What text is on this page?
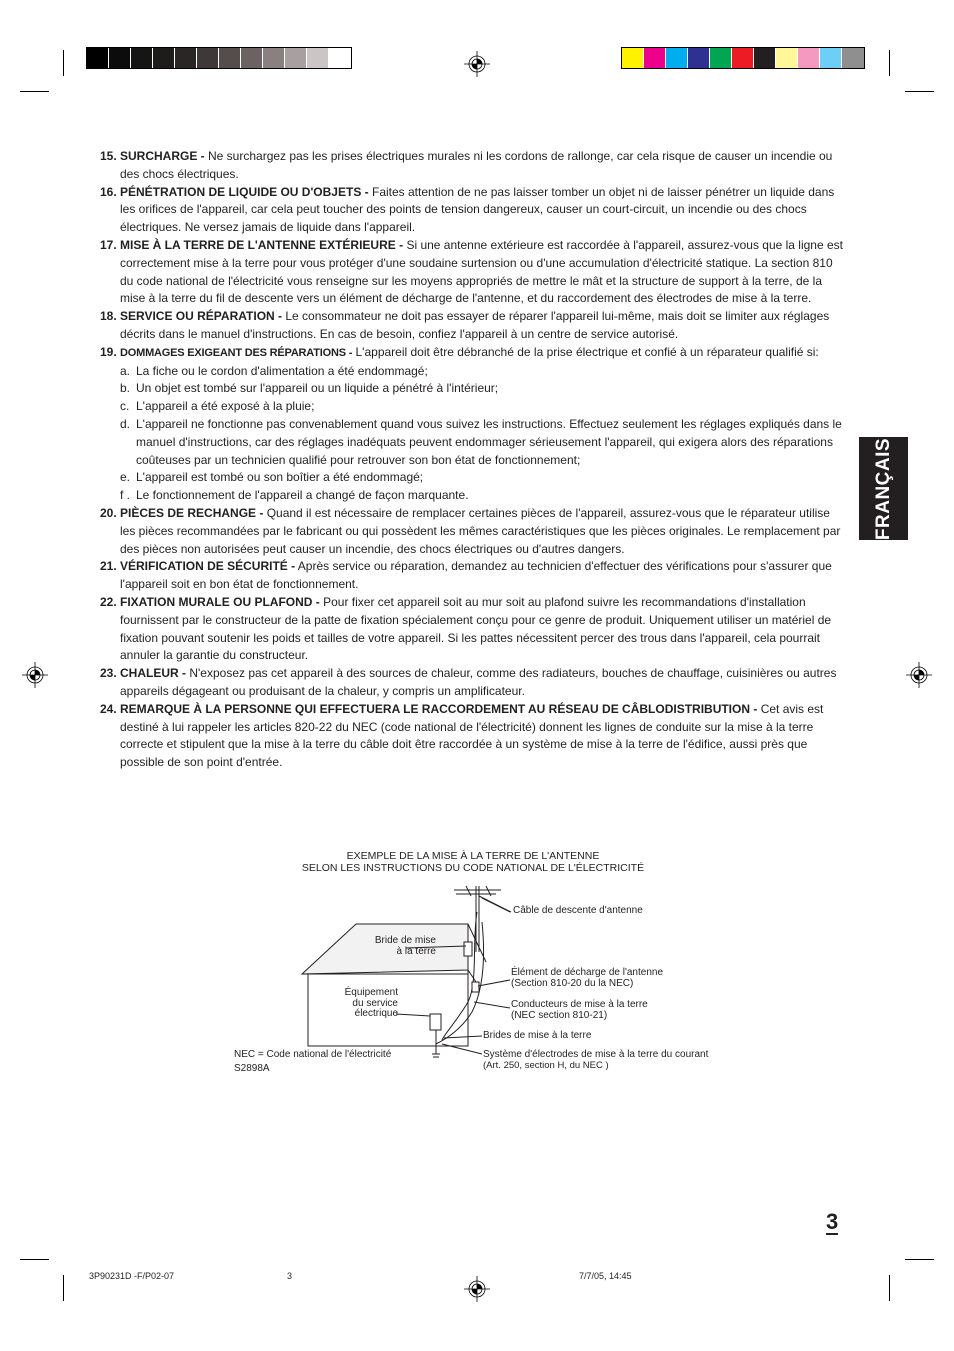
15. SURCHARGE - Ne surchargez pas les prises électriques murales ni les cordons de rallonge, car cela risque de causer un incendie ou des chocs électriques.
16. PÉNÉTRATION DE LIQUIDE OU D'OBJETS - Faites attention de ne pas laisser tomber un objet ni de laisser pénétrer un liquide dans les orifices de l'appareil, car cela peut toucher des points de tension dangereux, causer un court-circuit, un incendie ou des chocs électriques. Ne versez jamais de liquide dans l'appareil.
17. MISE À LA TERRE DE L'ANTENNE EXTÉRIEURE - Si une antenne extérieure est raccordée à l'appareil, assurez-vous que la ligne est correctement mise à la terre pour vous protéger d'une soudaine surtension ou d'une accumulation d'électricité statique. La section 810 du code national de l'électricité vous renseigne sur les moyens appropriés de mettre le mât et la structure de support à la terre, de la mise à la terre du fil de descente vers un élément de décharge de l'antenne, et du raccordement des électrodes de mise à la terre.
18. SERVICE OU RÉPARATION - Le consommateur ne doit pas essayer de réparer l'appareil lui-même, mais doit se limiter aux réglages décrits dans le manuel d'instructions. En cas de besoin, confiez l'appareil à un centre de service autorisé.
19. DOMMAGES EXIGEANT DES RÉPARATIONS - L'appareil doit être débranché de la prise électrique et confié à un réparateur qualifié si:
a. La fiche ou le cordon d'alimentation a été endommagé;
b. Un objet est tombé sur l'appareil ou un liquide a pénétré à l'intérieur;
c. L'appareil a été exposé à la pluie;
d. L'appareil ne fonctionne pas convenablement quand vous suivez les instructions. Effectuez seulement les réglages expliqués dans le manuel d'instructions, car des réglages inadéquats peuvent endommager sérieusement l'appareil, qui exigera alors des réparations coûteuses par un technicien qualifié pour retrouver son bon état de fonctionnement;
e. L'appareil est tombé ou son boîtier a été endommagé;
f . Le fonctionnement de l'appareil a changé de façon marquante.
20. PIÈCES DE RECHANGE - Quand il est nécessaire de remplacer certaines pièces de l'appareil, assurez-vous que le réparateur utilise les pièces recommandées par le fabricant ou qui possèdent les mêmes caractéristiques que les pièces originales. Le remplacement par des pièces non autorisées peut causer un incendie, des chocs électriques ou d'autres dangers.
21. VÉRIFICATION DE SÉCURITÉ - Après service ou réparation, demandez au technicien d'effectuer des vérifications pour s'assurer que l'appareil soit en bon état de fonctionnement.
22. FIXATION MURALE OU PLAFOND - Pour fixer cet appareil soit au mur soit au plafond suivre les recommandations d'installation fournissent par le constructeur de la patte de fixation spécialement conçu pour ce genre de produit. Uniquement utiliser un matériel de fixation pouvant soutenir les poids et tailles de votre appareil. Si les pattes nécessitent percer des trous dans l'appareil, cela pourrait annuler la garantie du constructeur.
23. CHALEUR - N'exposez pas cet appareil à des sources de chaleur, comme des radiateurs, bouches de chauffage, cuisinières ou autres appareils dégageant ou produisant de la chaleur, y compris un amplificateur.
24. REMARQUE À LA PERSONNE QUI EFFECTUERA LE RACCORDEMENT AU RÉSEAU DE CÂBLODISTRIBUTION - Cet avis est destiné à lui rappeler les articles 820-22 du NEC (code national de l'électricité) donnent les lignes de conduite sur la mise à la terre correcte et stipulent que la mise à la terre du câble doit être raccordée à un système de mise à la terre de l'édifice, aussi près que possible de son point d'entrée.
FRANÇAIS
EXEMPLE DE LA MISE À LA TERRE DE L'ANTENNE
SELON LES INSTRUCTIONS DU CODE NATIONAL DE L'ÉLECTRICITÉ
Câble de descente d'antenne
Bride de mise
à la terre
Équipement
du service
électrique
Élément de décharge de l'antenne
(Section 810-20 du la NEC)
Conducteurs de mise à la terre
(NEC section 810-21)
Brides de mise à la terre
Système d'électrodes de mise à la terre du courant
(Art. 250, section H, du NEC )
NEC = Code national de l'électricité
S2898A
3
3P90231D -F/P02-07	3	7/7/05, 14:45
